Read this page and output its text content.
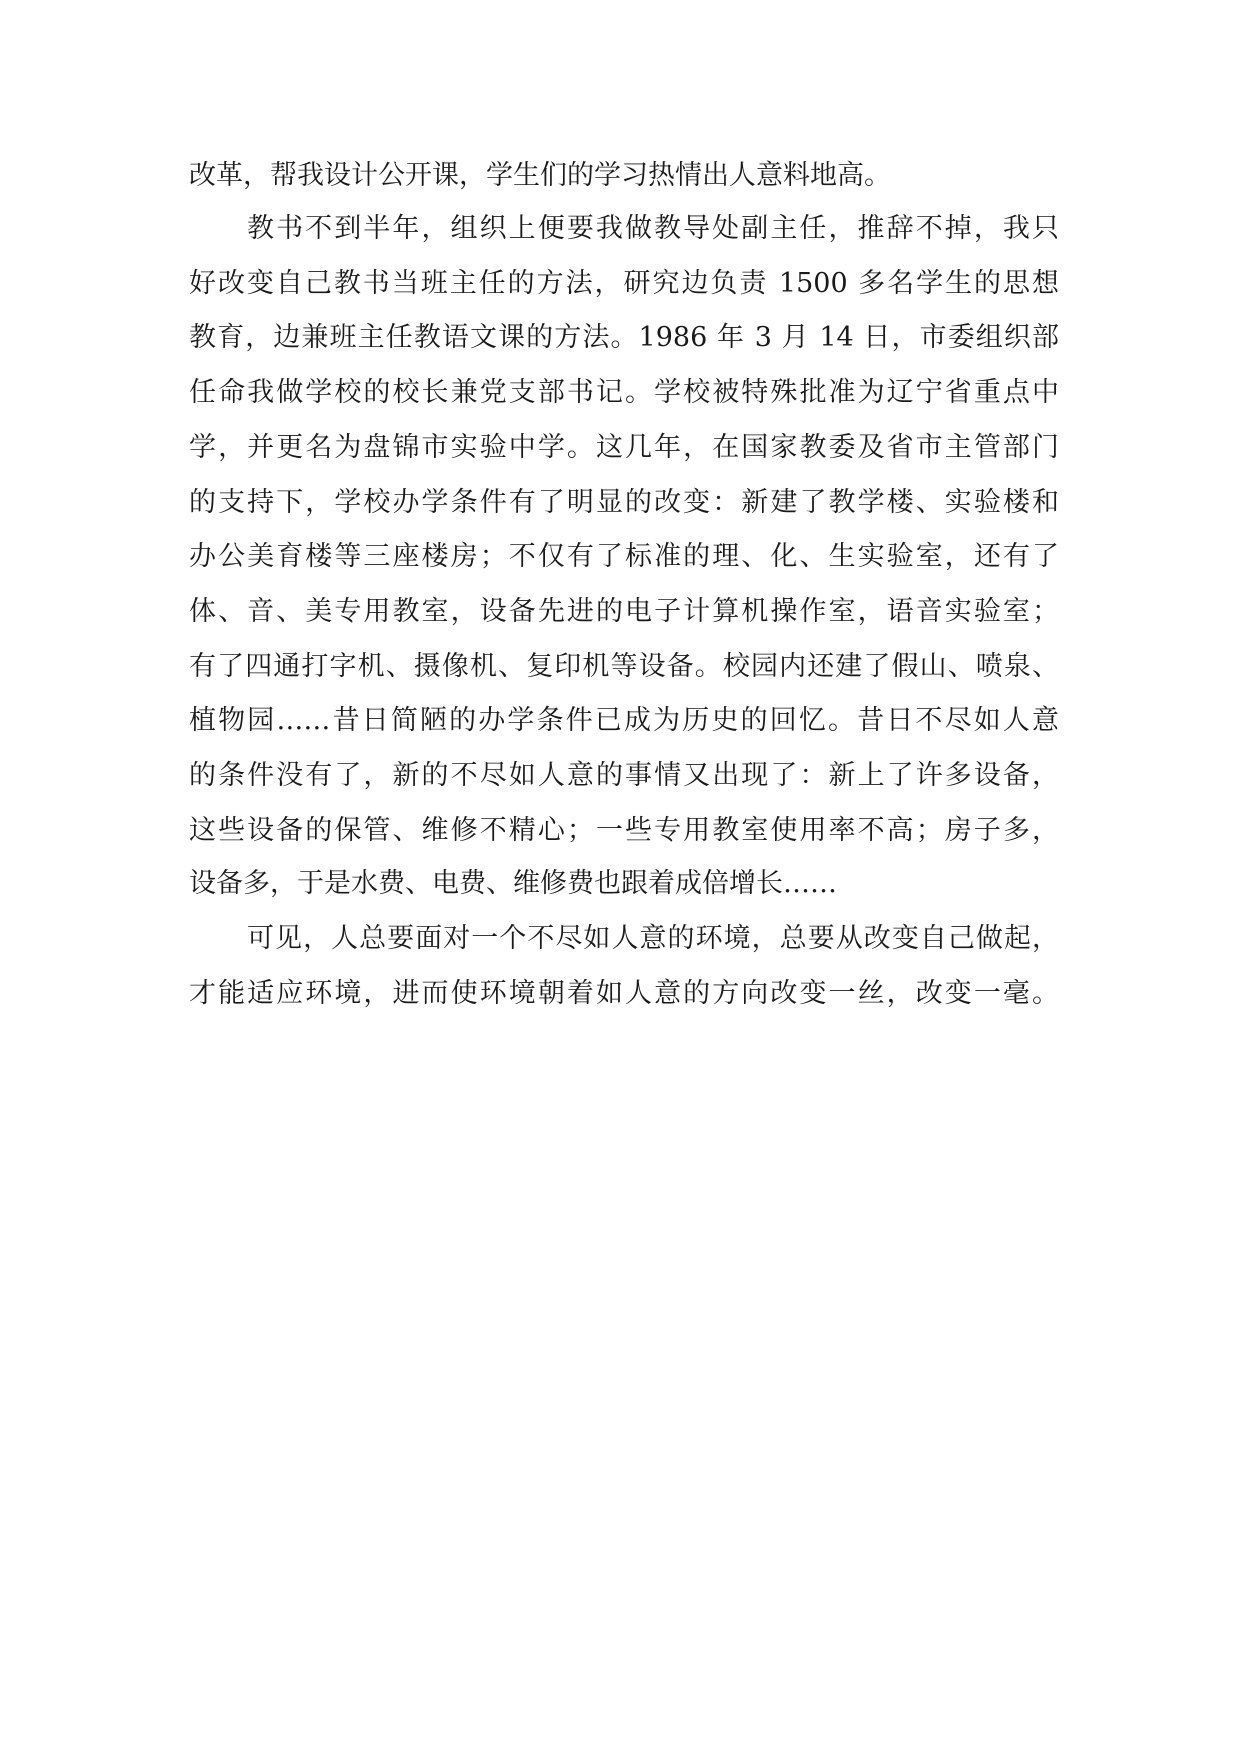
改革，帮我设计公开课，学生们的学习热情出人意料地高。
教书不到半年，组织上便要我做教导处副主任，推辞不掉，我只
好改变自己教书当班主任的方法，研究边负责 1500 多名学生的思想
教育，边兼班主任教语文课的方法。1986 年 3 月 14 日，市委组织部
任命我做学校的校长兼党支部书记。学校被特殊批准为辽宁省重点中
学，并更名为盘锦市实验中学。这几年，在国家教委及省市主管部门
的支持下，学校办学条件有了明显的改变：新建了教学楼、实验楼和
办公美育楼等三座楼房；不仅有了标准的理、化、生实验室，还有了
体、音、美专用教室，设备先进的电子计算机操作室，语音实验室；
有了四通打字机、摄像机、复印机等设备。校园内还建了假山、喷泉、
植物园……昔日简陋的办学条件已成为历史的回忆。昔日不尽如人意
的条件没有了，新的不尽如人意的事情又出现了：新上了许多设备，
这些设备的保管、维修不精心；一些专用教室使用率不高；房子多，
设备多，于是水费、电费、维修费也跟着成倍增长……
可见，人总要面对一个不尽如人意的环境，总要从改变自己做起，
才能适应环境，进而使环境朝着如人意的方向改变一丝，改变一毫。
